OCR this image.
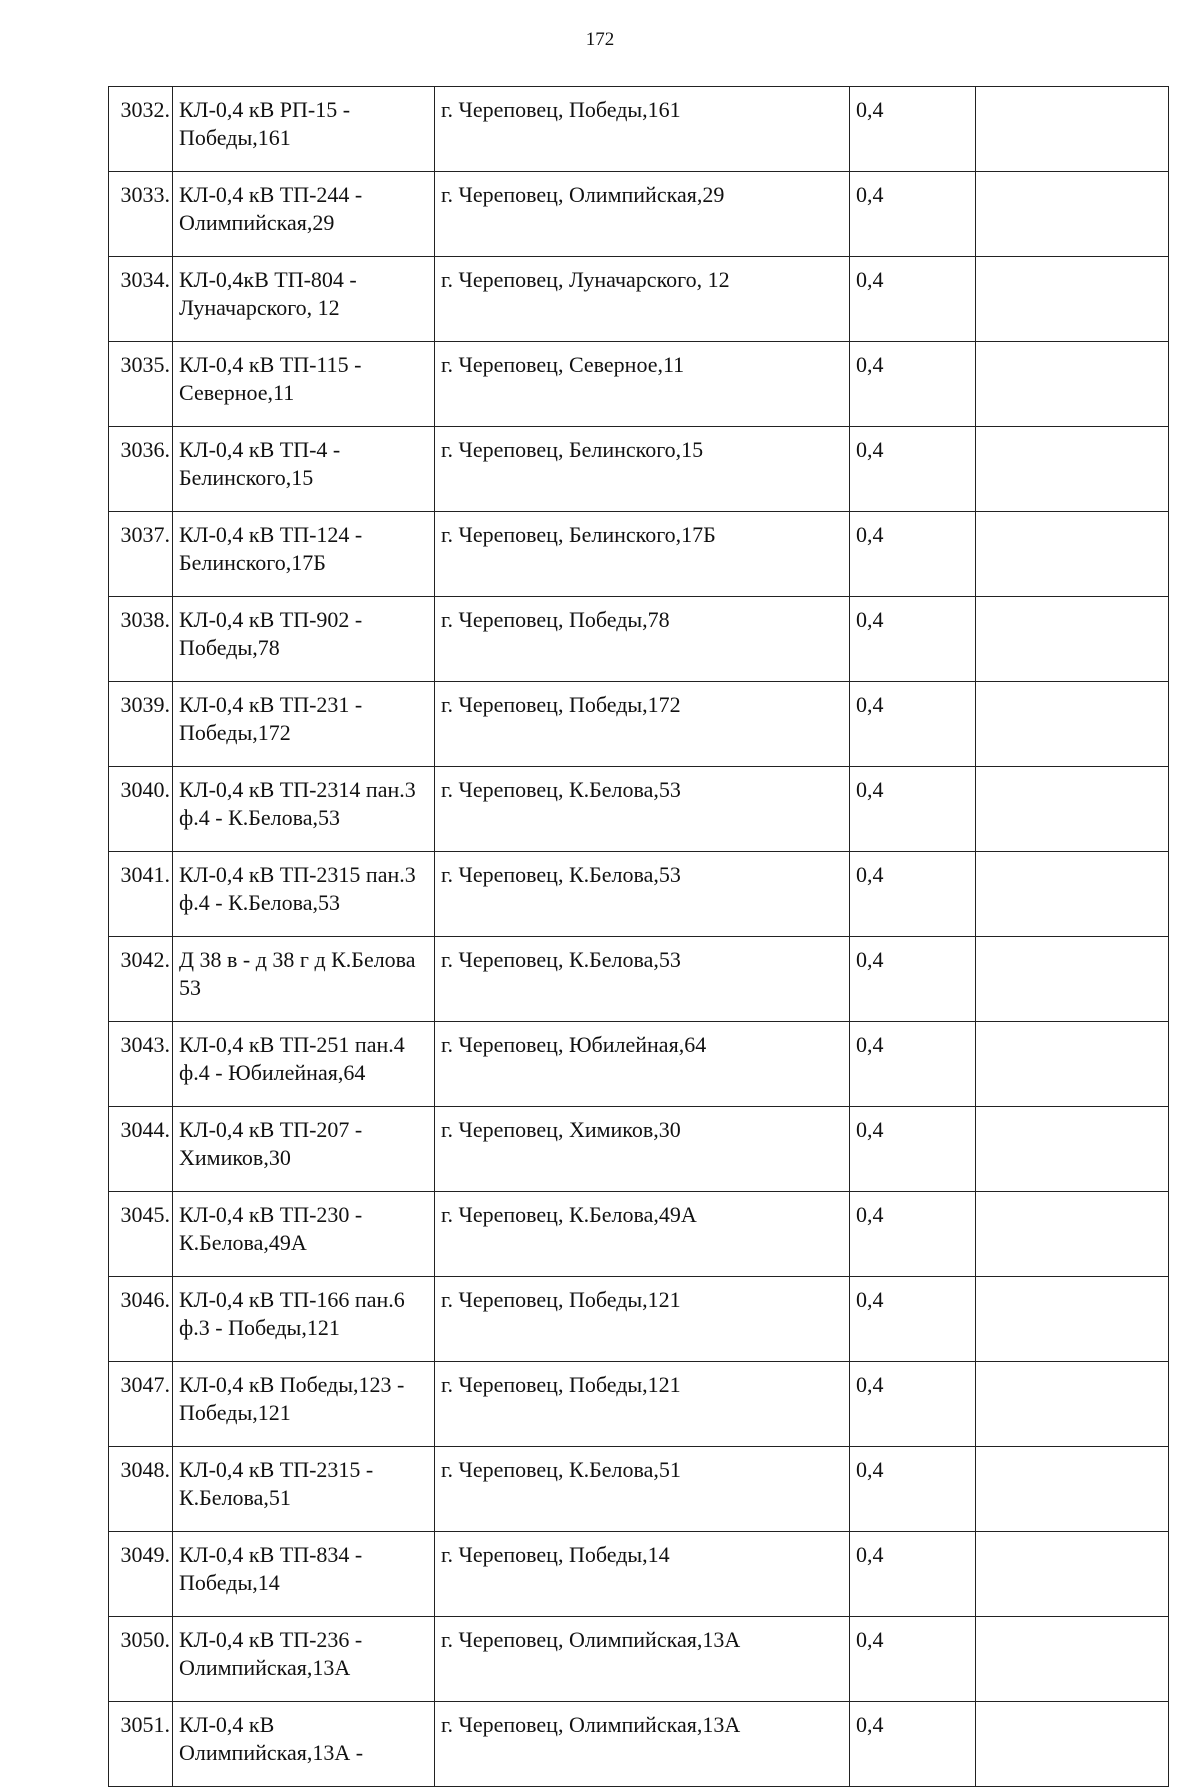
172
3032.	КЛ-0,4 кВ РП-15 - Победы,161	г. Череповец, Победы,161	0,4	
3033.	КЛ-0,4 кВ ТП-244 - Олимпийская,29	г. Череповец, Олимпийская,29	0,4	
3034.	КЛ-0,4кВ ТП-804 - Луначарского, 12	г. Череповец, Луначарского, 12	0,4	
3035.	КЛ-0,4 кВ ТП-115 - Северное,11	г. Череповец, Северное,11	0,4	
3036.	КЛ-0,4 кВ ТП-4 - Белинского,15	г. Череповец, Белинского,15	0,4	
3037.	КЛ-0,4 кВ ТП-124 - Белинского,17Б	г. Череповец, Белинского,17Б	0,4	
3038.	КЛ-0,4 кВ ТП-902 - Победы,78	г. Череповец, Победы,78	0,4	
3039.	КЛ-0,4 кВ ТП-231 - Победы,172	г. Череповец, Победы,172	0,4	
3040.	КЛ-0,4 кВ ТП-2314 пан.3 ф.4 - К.Белова,53	г. Череповец, К.Белова,53	0,4	
3041.	КЛ-0,4 кВ ТП-2315 пан.3 ф.4 - К.Белова,53	г. Череповец, К.Белова,53	0,4	
3042.	Д 38 в - д 38 г д К.Белова 53	г. Череповец, К.Белова,53	0,4	
3043.	КЛ-0,4 кВ ТП-251 пан.4 ф.4 - Юбилейная,64	г. Череповец, Юбилейная,64	0,4	
3044.	КЛ-0,4 кВ ТП-207 - Химиков,30	г. Череповец, Химиков,30	0,4	
3045.	КЛ-0,4 кВ ТП-230 - К.Белова,49А	г. Череповец, К.Белова,49А	0,4	
3046.	КЛ-0,4 кВ ТП-166 пан.6 ф.3 - Победы,121	г. Череповец, Победы,121	0,4	
3047.	КЛ-0,4 кВ Победы,123 - Победы,121	г. Череповец, Победы,121	0,4	
3048.	КЛ-0,4 кВ ТП-2315 - К.Белова,51	г. Череповец, К.Белова,51	0,4	
3049.	КЛ-0,4 кВ ТП-834 - Победы,14	г. Череповец, Победы,14	0,4	
3050.	КЛ-0,4 кВ ТП-236 - Олимпийская,13А	г. Череповец, Олимпийская,13А	0,4	
3051.	КЛ-0,4 кВ Олимпийская,13А -	г. Череповец, Олимпийская,13А	0,4	
